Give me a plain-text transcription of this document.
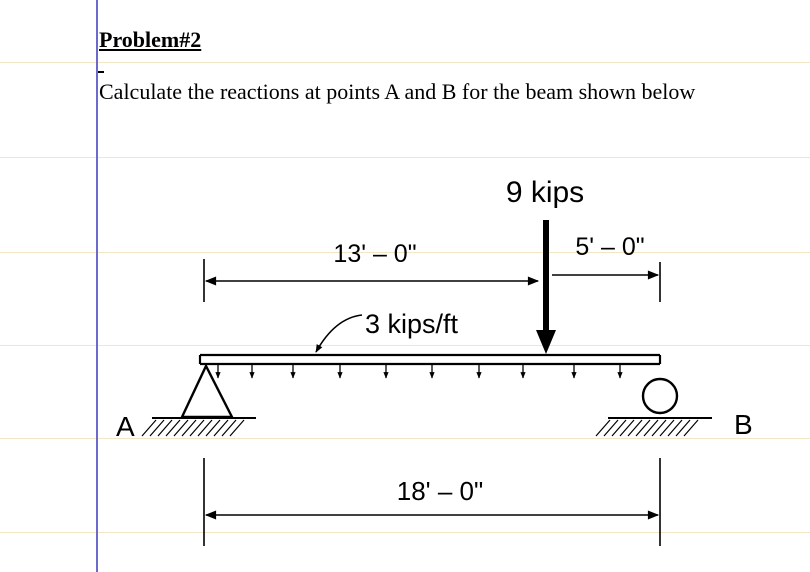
Problem#2
Calculate the reactions at points A and B for the beam shown below
13' – 0"	5' – 0"
9 kips
3 kips/ft
A	B
18' – 0"
